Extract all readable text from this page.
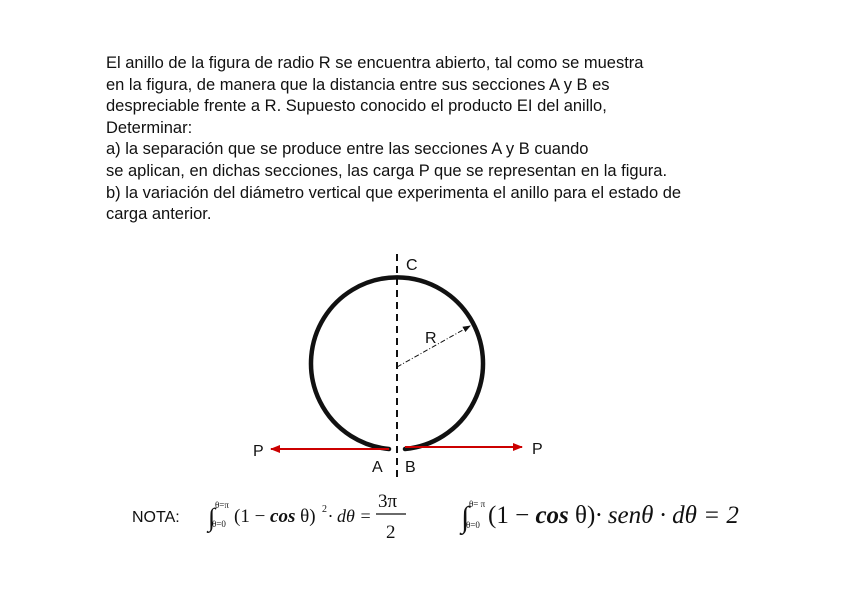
El anillo de la figura de radio R se encuentra abierto, tal como se muestra
en la figura, de manera que la distancia entre sus secciones A y B es
despreciable frente a R. Supuesto conocido el producto EI del anillo,
Determinar:
a) la separación que se produce entre las secciones A y B cuando
se aplican, en dichas secciones, las carga P que se representan en la figura.
b) la variación del diámetro vertical que experimenta el anillo para el estado de
carga anterior.
C
R
P	P
A B
NOTA: ∫ θ=π
θ=0 (1 − cos θ) 2 · dθ =
3π
2 ∫ θ= π
θ=0 (1 − cos θ)· senθ · dθ = 2
